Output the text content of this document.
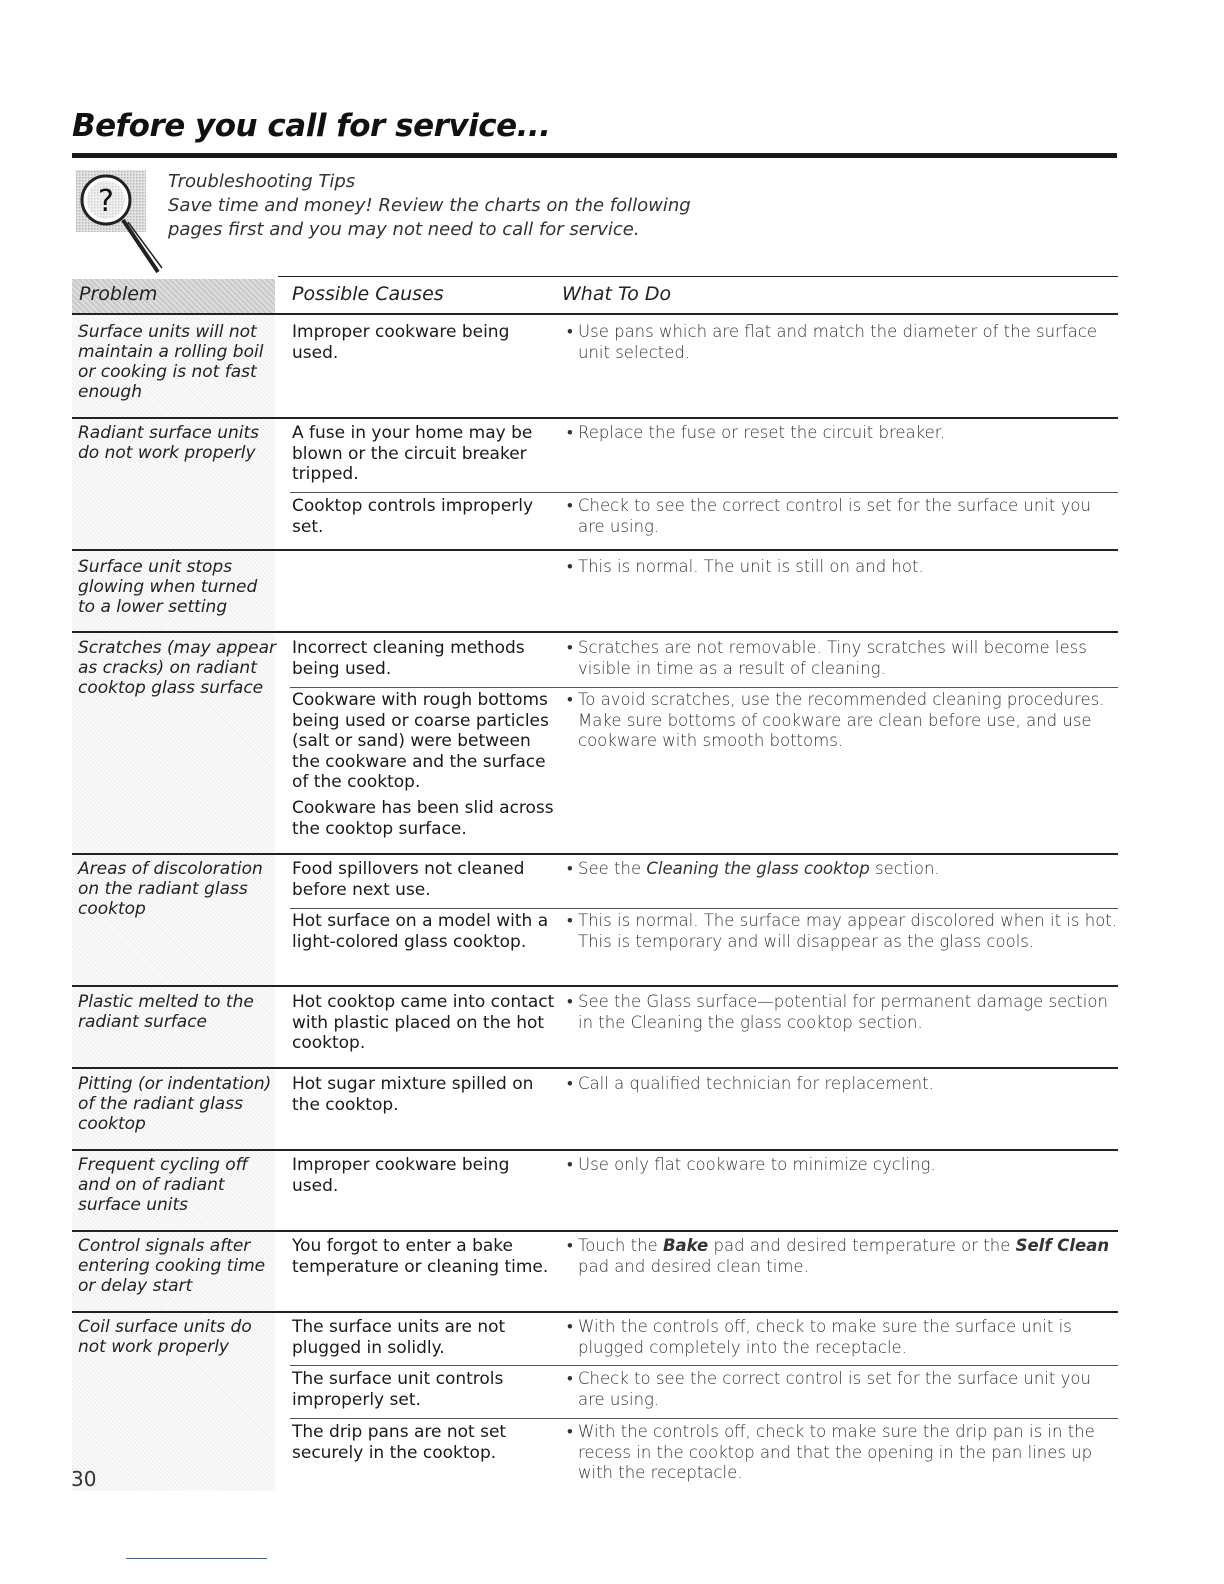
Before you call for service...
?
Troubleshooting Tips
Save time and money! Review the charts on the following
pages first and you may not need to call for service.
Problem	Possible Causes	What To Do
Surface units will not maintain a rolling boil or cooking is not fast enough
Improper cookware being used.
• Use pans which are flat and match the diameter of the surface unit selected.
Radiant surface units do not work properly
A fuse in your home may be blown or the circuit breaker tripped.
• Replace the fuse or reset the circuit breaker.
Cooktop controls improperly set.
• Check to see the correct control is set for the surface unit you are using.
Surface unit stops glowing when turned to a lower setting
• This is normal. The unit is still on and hot.
Scratches (may appear as cracks) on radiant cooktop glass surface
Incorrect cleaning methods being used.
• Scratches are not removable. Tiny scratches will become less visible in time as a result of cleaning.
Cookware with rough bottoms being used or coarse particles (salt or sand) were between the cookware and the surface of the cooktop.
• To avoid scratches, use the recommended cleaning procedures. Make sure bottoms of cookware are clean before use, and use cookware with smooth bottoms.
Cookware has been slid across the cooktop surface.
Areas of discoloration on the radiant glass cooktop
Food spillovers not cleaned before next use.
• See the Cleaning the glass cooktop section.
Hot surface on a model with a light-colored glass cooktop.
• This is normal. The surface may appear discolored when it is hot. This is temporary and will disappear as the glass cools.
Plastic melted to the radiant surface
Hot cooktop came into contact with plastic placed on the hot cooktop.
• See the Glass surface—potential for permanent damage section in the Cleaning the glass cooktop section.
Pitting (or indentation) of the radiant glass cooktop
Hot sugar mixture spilled on the cooktop.
• Call a qualified technician for replacement.
Frequent cycling off and on of radiant surface units
Improper cookware being used.
• Use only flat cookware to minimize cycling.
Control signals after entering cooking time or delay start
You forgot to enter a bake temperature or cleaning time.
• Touch the Bake pad and desired temperature or the Self Clean pad and desired clean time.
Coil surface units do not work properly
The surface units are not plugged in solidly.
• With the controls off, check to make sure the surface unit is plugged completely into the receptacle.
The surface unit controls improperly set.
• Check to see the correct control is set for the surface unit you are using.
The drip pans are not set securely in the cooktop.
• With the controls off, check to make sure the drip pan is in the recess in the cooktop and that the opening in the pan lines up with the receptacle.
30
